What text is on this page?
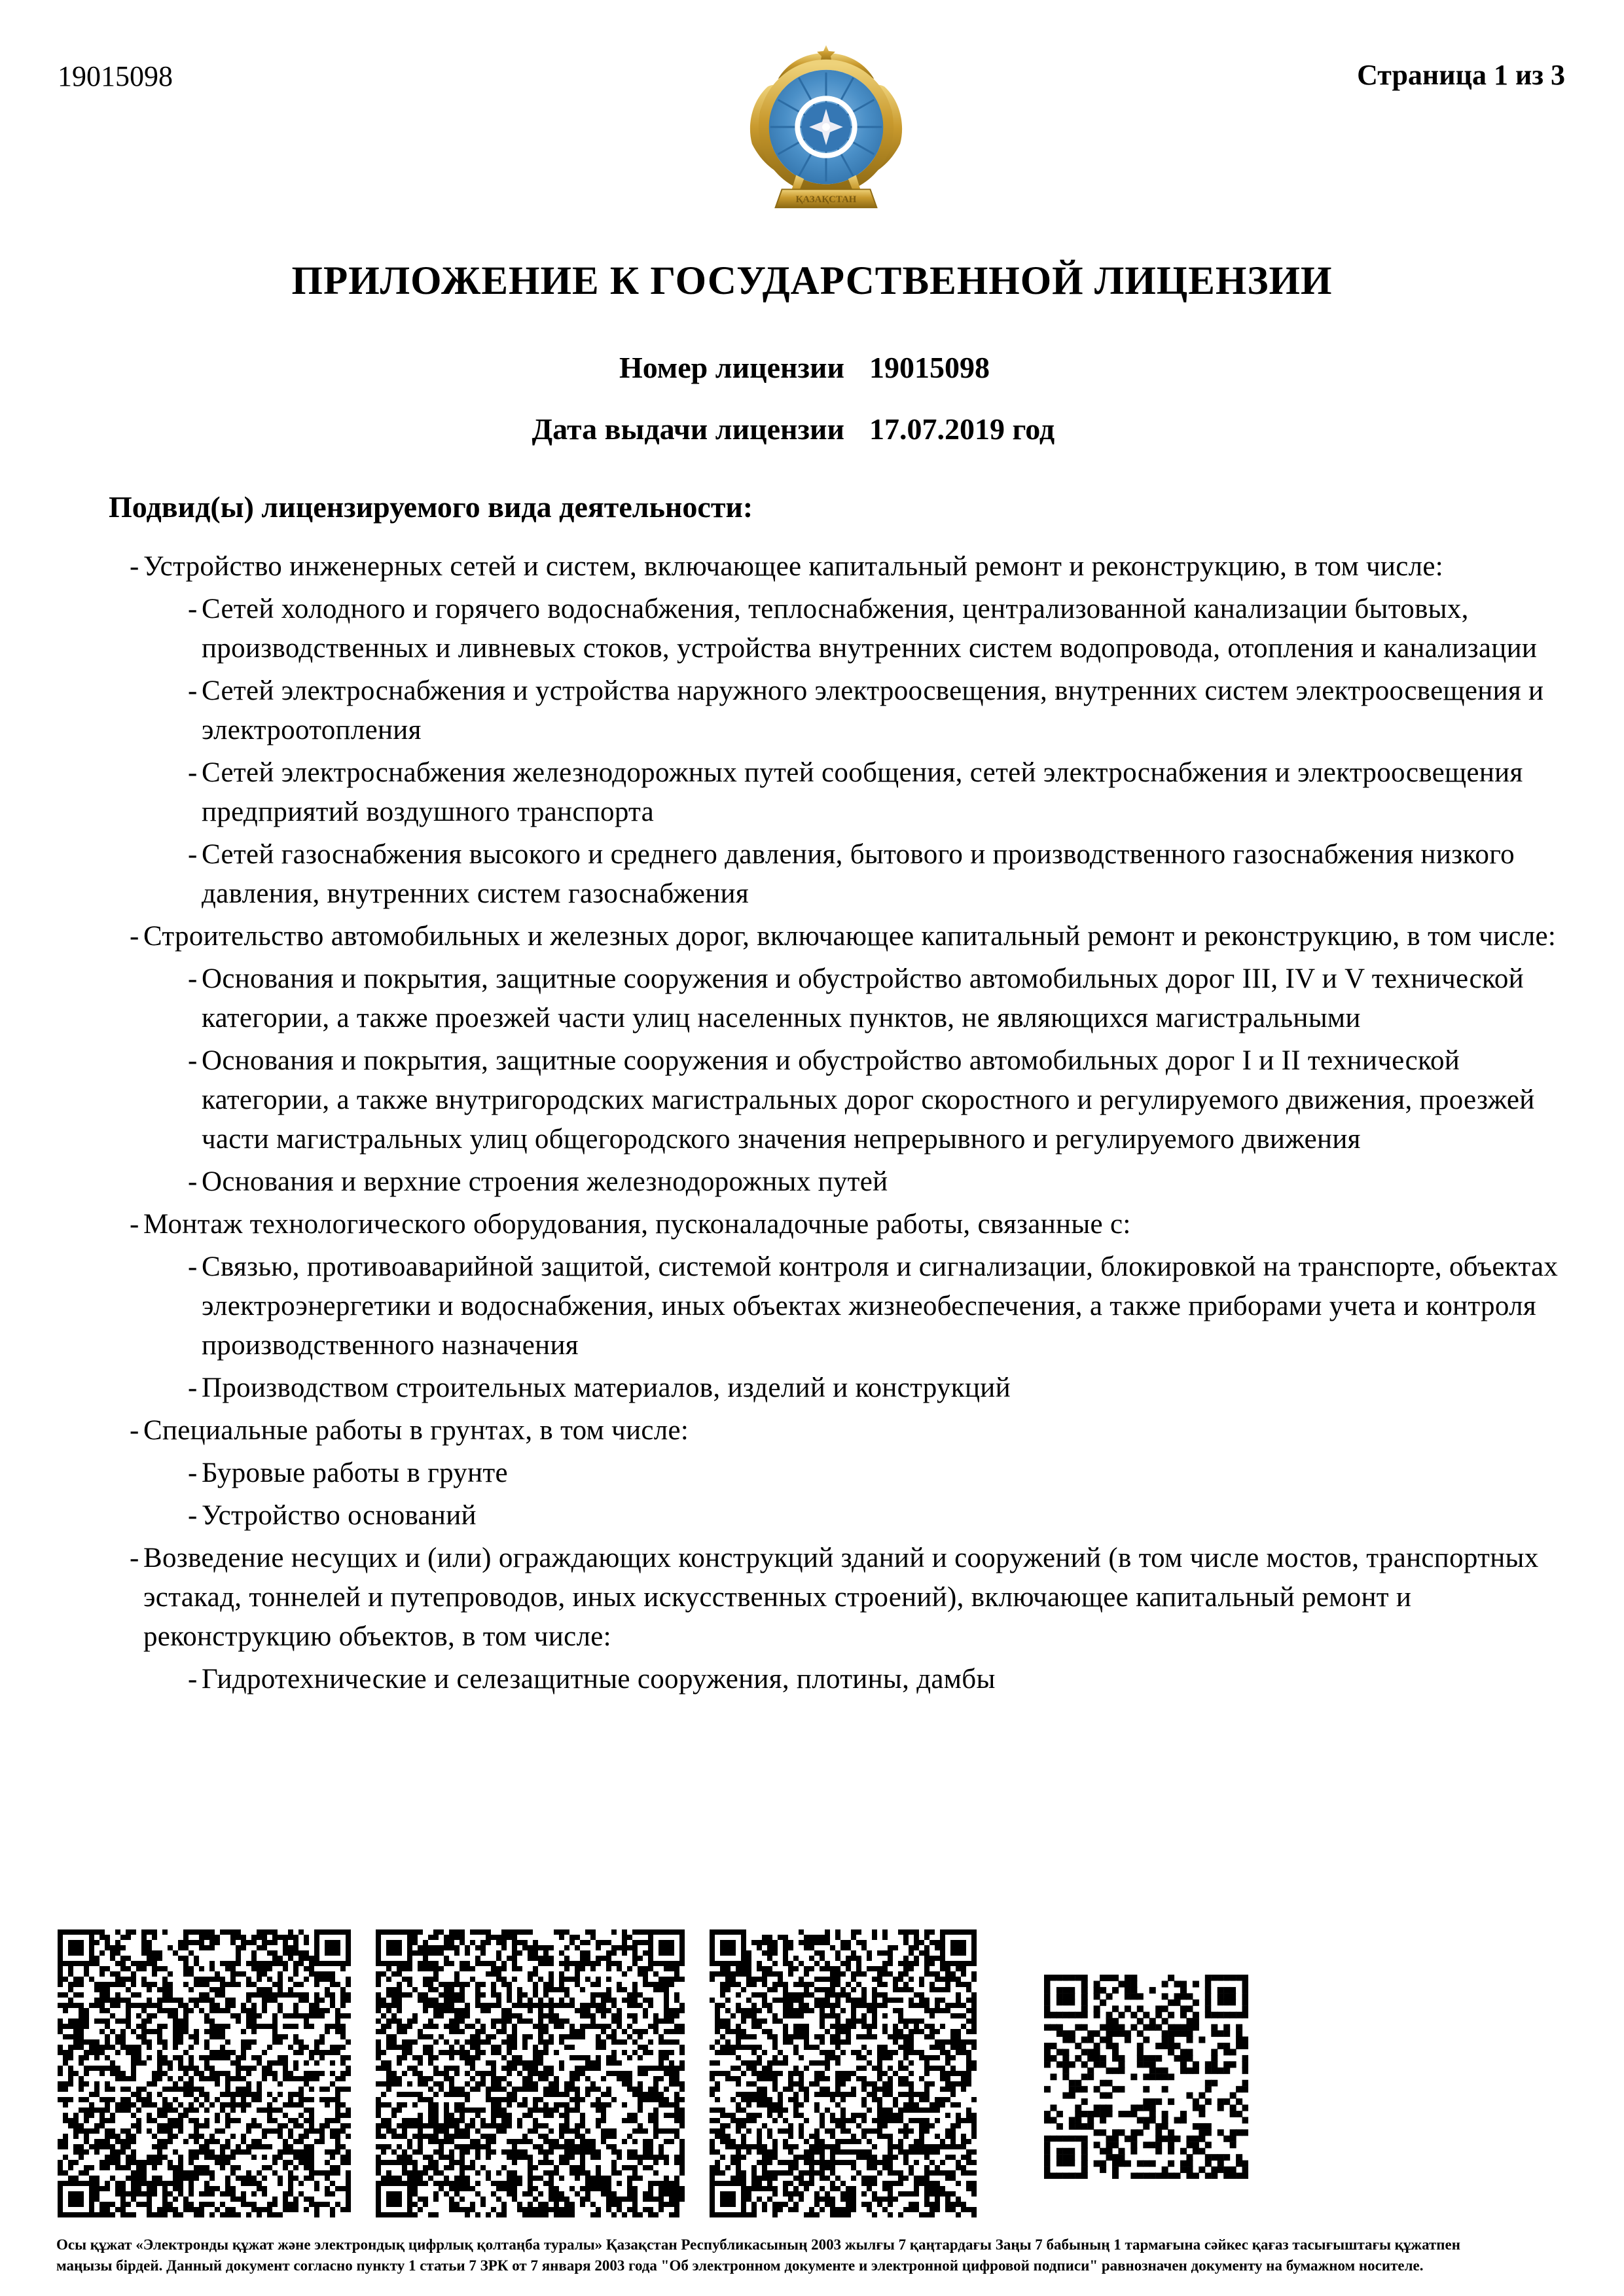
19015098	Страница 1 из 3
ҚАЗАҚСТАН
ПРИЛОЖЕНИЕ К ГОСУДАРСТВЕННОЙ ЛИЦЕНЗИИ
Номер лицензии 19015098
Дата выдачи лицензии 17.07.2019 год
Подвид(ы) лицензируемого вида деятельности:
- Устройство инженерных сетей и систем, включающее капитальный ремонт и реконструкцию, в том числе:
- Сетей холодного и горячего водоснабжения, теплоснабжения, централизованной канализации бытовых, производственных и ливневых стоков, устройства внутренних систем водопровода, отопления и канализации
- Сетей электроснабжения и устройства наружного электроосвещения, внутренних систем электроосвещения и электроотопления
- Сетей электроснабжения железнодорожных путей сообщения, сетей электроснабжения и электроосвещения предприятий воздушного транспорта
- Сетей газоснабжения высокого и среднего давления, бытового и производственного газоснабжения низкого давления, внутренних систем газоснабжения
- Строительство автомобильных и железных дорог, включающее капитальный ремонт и реконструкцию, в том числе:
- Основания и покрытия, защитные сооружения и обустройство автомобильных дорог III, IV и V технической категории, а также проезжей части улиц населенных пунктов, не являющихся магистральными
- Основания и покрытия, защитные сооружения и обустройство автомобильных дорог I и II технической категории, а также внутригородских магистральных дорог скоростного и регулируемого движения, проезжей части магистральных улиц общегородского значения непрерывного и регулируемого движения
- Основания и верхние строения железнодорожных путей
- Монтаж технологического оборудования, пусконаладочные работы, связанные с:
- Связью, противоаварийной защитой, системой контроля и сигнализации, блокировкой на транспорте, объектах электроэнергетики и водоснабжения, иных объектах жизнеобеспечения, а также приборами учета и контроля производственного назначения
- Производством строительных материалов, изделий и конструкций
- Специальные работы в грунтах, в том числе:
- Буровые работы в грунте
- Устройство оснований
- Возведение несущих и (или) ограждающих конструкций зданий и сооружений (в том числе мостов, транспортных эстакад, тоннелей и путепроводов, иных искусственных строений), включающее капитальный ремонт и реконструкцию объектов, в том числе:
- Гидротехнические и селезащитные сооружения, плотины, дамбы
Осы құжат «Электронды құжат және электрондық цифрлық қолтаңба туралы» Қазақстан Республикасының 2003 жылғы 7 қаңтардағы Заңы 7 бабының 1 тармағына сәйкес қағаз тасығыштағы құжатпен
маңызы бірдей. Данный документ согласно пункту 1 статьи 7 ЗРК от 7 января 2003 года "Об электронном документе и электронной цифровой подписи" равнозначен документу на бумажном носителе.
